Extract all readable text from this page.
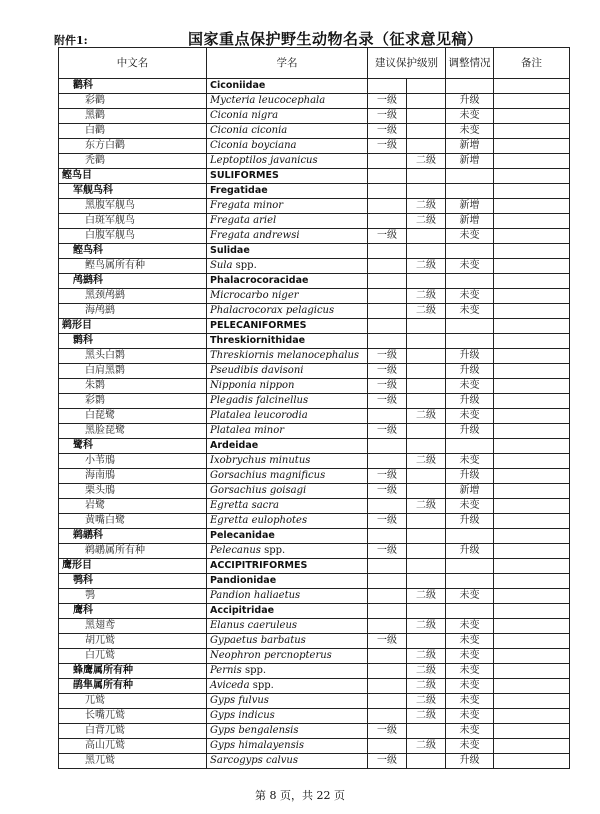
附件1:	国家重点保护野生动物名录（征求意见稿）
中文名	学名	建议保护级别		调整情况	备注
鹳科	Ciconiidae				
彩鹳	Mycteria leucocephala	一级		升级	
黑鹳	Ciconia nigra	一级		未变	
白鹳	Ciconia ciconia	一级		未变	
东方白鹳	Ciconia boyciana	一级		新增	
秃鹳	Leptoptilos javanicus		二级	新增	
鲣鸟目	SULIFORMES				
军舰鸟科	Fregatidae				
黑腹军舰鸟	Fregata minor		二级	新增	
白斑军舰鸟	Fregata ariel		二级	新增	
白腹军舰鸟	Fregata andrewsi	一级		未变	
鲣鸟科	Sulidae				
鲣鸟属所有种	Sula spp.		二级	未变	
鸬鹚科	Phalacrocoracidae				
黑颈鸬鹚	Microcarbo niger		二级	未变	
海鸬鹚	Phalacrocorax pelagicus		二级	未变	
鹈形目	PELECANIFORMES				
鹮科	Threskiornithidae				
黑头白鹮	Threskiornis melanocephalus	一级		升级	
白肩黑鹮	Pseudibis davisoni	一级		升级	
朱鹮	Nipponia nippon	一级		未变	
彩鹮	Plegadis falcinellus	一级		升级	
白琵鹭	Platalea leucorodia		二级	未变	
黑脸琵鹭	Platalea minor	一级		升级	
鹭科	Ardeidae				
小苇鳽	Ixobrychus minutus		二级	未变	
海南鳽	Gorsachius magnificus	一级		升级	
栗头鳽	Gorsachius goisagi	一级		新增	
岩鹭	Egretta sacra		二级	未变	
黄嘴白鹭	Egretta eulophotes	一级		升级	
鹈鹕科	Pelecanidae				
鹈鹕属所有种	Pelecanus spp.	一级		升级	
鹰形目	ACCIPITRIFORMES				
鹗科	Pandionidae				
鹗	Pandion haliaetus		二级	未变	
鹰科	Accipitridae				
黑翅鸢	Elanus caeruleus		二级	未变	
胡兀鹫	Gypaetus barbatus	一级		未变	
白兀鹫	Neophron percnopterus		二级	未变	
蜂鹰属所有种	Pernis spp.		二级	未变	
鹃隼属所有种	Aviceda spp.		二级	未变	
兀鹫	Gyps fulvus		二级	未变	
长嘴兀鹫	Gyps indicus		二级	未变	
白背兀鹫	Gyps bengalensis	一级		未变	
高山兀鹫	Gyps himalayensis		二级	未变	
黑兀鹫	Sarcogyps calvus	一级		升级	
第 8 页，共 22 页
